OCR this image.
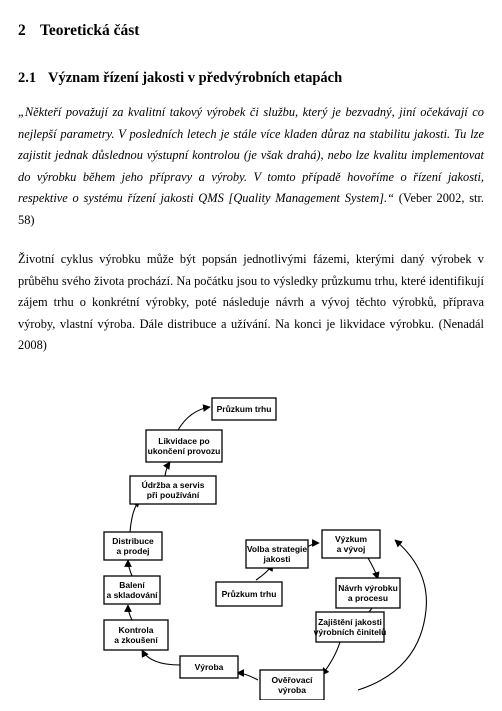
2 Teoretická část
2.1 Význam řízení jakosti v předvýrobních etapách
„Někteří považují za kvalitní takový výrobek či službu, který je bezvadný, jiní očekávají co nejlepší parametry. V posledních letech je stále více kladen důraz na stabilitu jakosti. Tu lze zajistit jednak důslednou výstupní kontrolou (je však drahá), nebo lze kvalitu implementovat do výrobku během jeho přípravy a výroby. V tomto případě hovoříme o řízení jakosti, respektive o systému řízení jakosti QMS [Quality Management System].“ (Veber 2002, str. 58)
Životní cyklus výrobku může být popsán jednotlivými fázemi, kterými daný výrobek v průběhu svého života prochází. Na počátku jsou to výsledky průzkumu trhu, které identifikují zájem trhu o konkrétní výrobky, poté následuje návrh a vývoj těchto výrobků, příprava výroby, vlastní výroba. Dále distribuce a užívání. Na konci je likvidace výrobku. (Nenadál 2008)
Průzkum trhu
Likvidace po
ukončení provozu
Údržba a servis
při používání
Distribuce
a prodej
Balení
a skladování
Kontrola
a zkoušení
Výroba
Ověřovací
výroba
Zajištění jakosti
výrobních činitelů
Návrh výrobku
a procesu
Výzkum
a vývoj
Volba strategie
jakosti
Průzkum trhu
